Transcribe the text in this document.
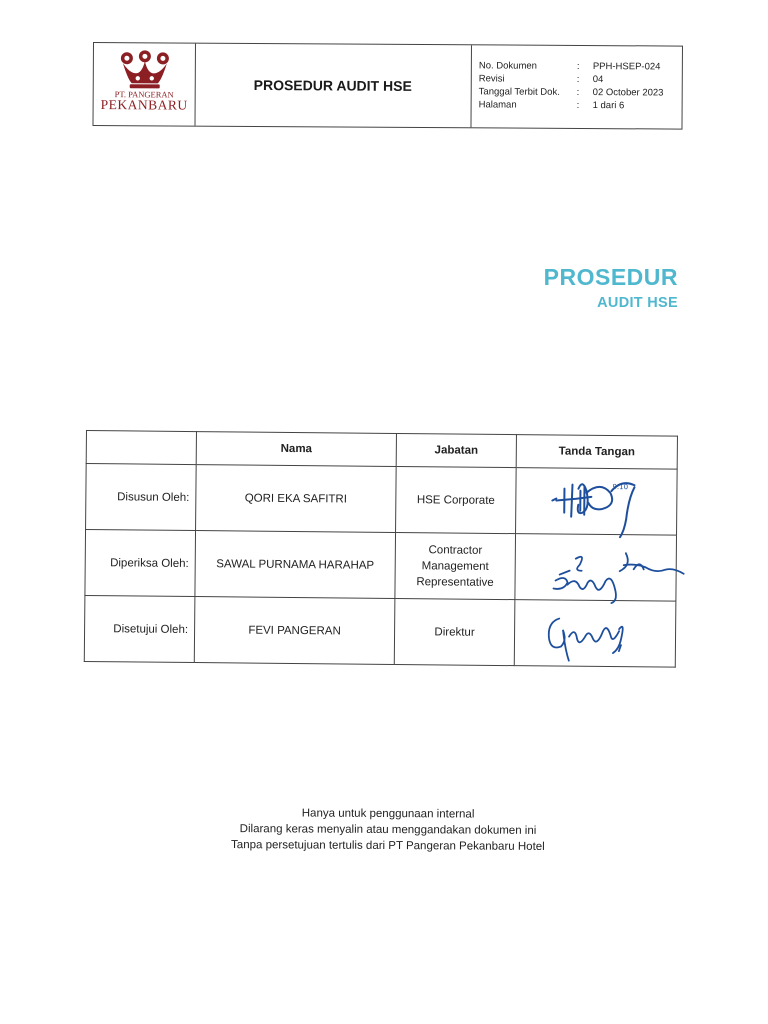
PT. PANGERAN
PEKANBARU
PROSEDUR AUDIT HSE
No. Dokumen	:	PPH-HSEP-024
Revisi	:	04
Tanggal Terbit Dok.	:	02 October 2023
Halaman	:	1 dari 6
PROSEDUR
AUDIT HSE
	Nama	Jabatan	Tanda Tangan
Disusun Oleh:	QORI EKA SAFITRI	HSE Corporate	9.10

Diperiksa Oleh:	SAWAL PURNAMA HARAHAP	Contractor
Management
Representative

Disetujui Oleh:	FEVI PANGERAN	Direktur	
Hanya untuk penggunaan internal
Dilarang keras menyalin atau menggandakan dokumen ini
Tanpa persetujuan tertulis dari PT Pangeran Pekanbaru Hotel
